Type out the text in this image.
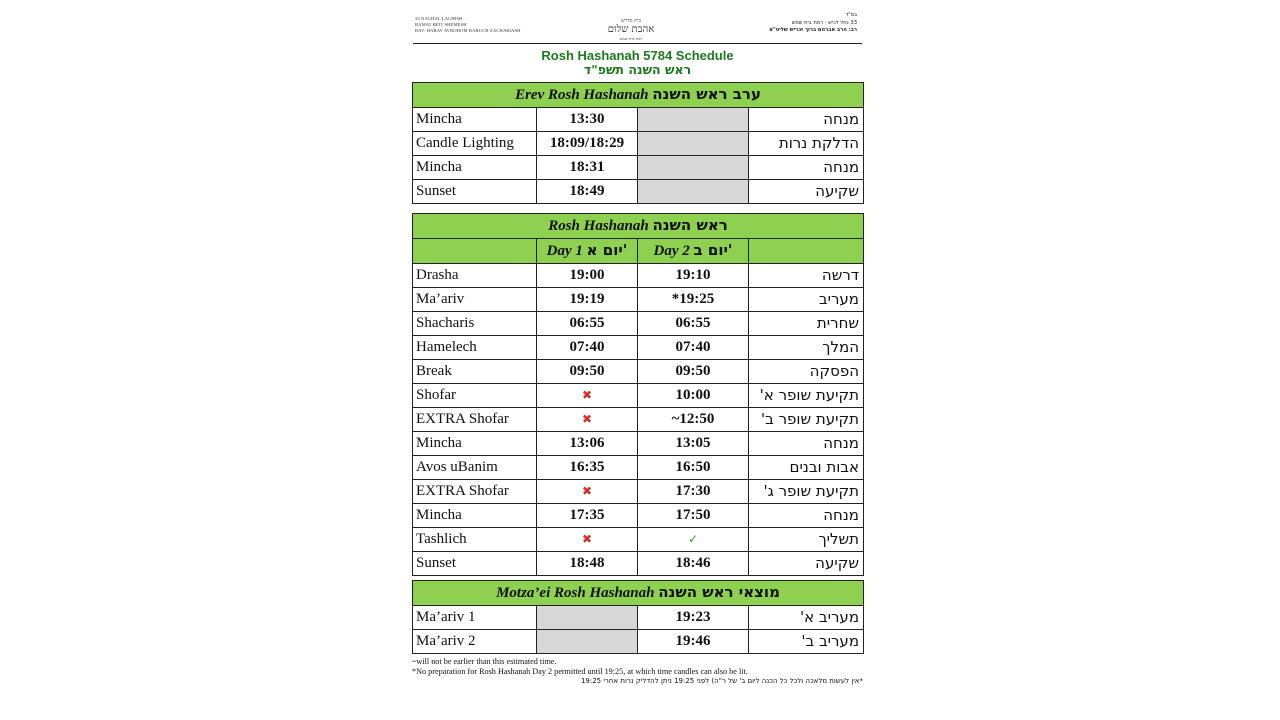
33 NACHAL LACHISH
RAMAT BEIT SHEMESH
RAV: HARAV AVROHOM BARUCH ZACHARIASH
בית מדרש
אהבת שלום
רמת בית שמש
בס"ד
33 נחל לכיש · רמת בית שמש
רב: הרב אברהם ברוך זכריש שליט"א
Rosh Hashanah 5784 Schedule
ראש השנה תשפ"ד
Erev Rosh Hashanah ערב ראש השנה			
Mincha	13:30		מנחה
Candle Lighting	18:09/18:29		הדלקת נרות
Mincha	18:31		מנחה
Sunset	18:49		שקיעה
Rosh Hashanah ראש השנה			
	Day 1 יום א'	Day 2 יום ב'	
Drasha	19:00	19:10	דרשה
Ma’ariv	19:19	*19:25	מעריב
Shacharis	06:55	06:55	שחרית
Hamelech	07:40	07:40	המלך
Break	09:50	09:50	הפסקה
Shofar	✖	10:00	תקיעת שופר א'
EXTRA Shofar	✖	~12:50	תקיעת שופר ב'
Mincha	13:06	13:05	מנחה
Avos uBanim	16:35	16:50	אבות ובנים
EXTRA Shofar	✖	17:30	תקיעת שופר ג'
Mincha	17:35	17:50	מנחה
Tashlich	✖	✓	תשליך
Sunset	18:48	18:46	שקיעה
Motza’ei Rosh Hashanah מוצאי ראש השנה			
Ma’ariv 1		19:23	מעריב א'
Ma’ariv 2		19:46	מעריב ב'
~will not be earlier than this estimated time.
*No preparation for Rosh Hashanah Day 2 permitted until 19:25, at which time candles can also be lit.
*אין לעשות מלאכה ולכל כל הכנה ליום ב' של ר"ה) לפני 19:25 ניתן להדליק נרות אחרי 19:25
